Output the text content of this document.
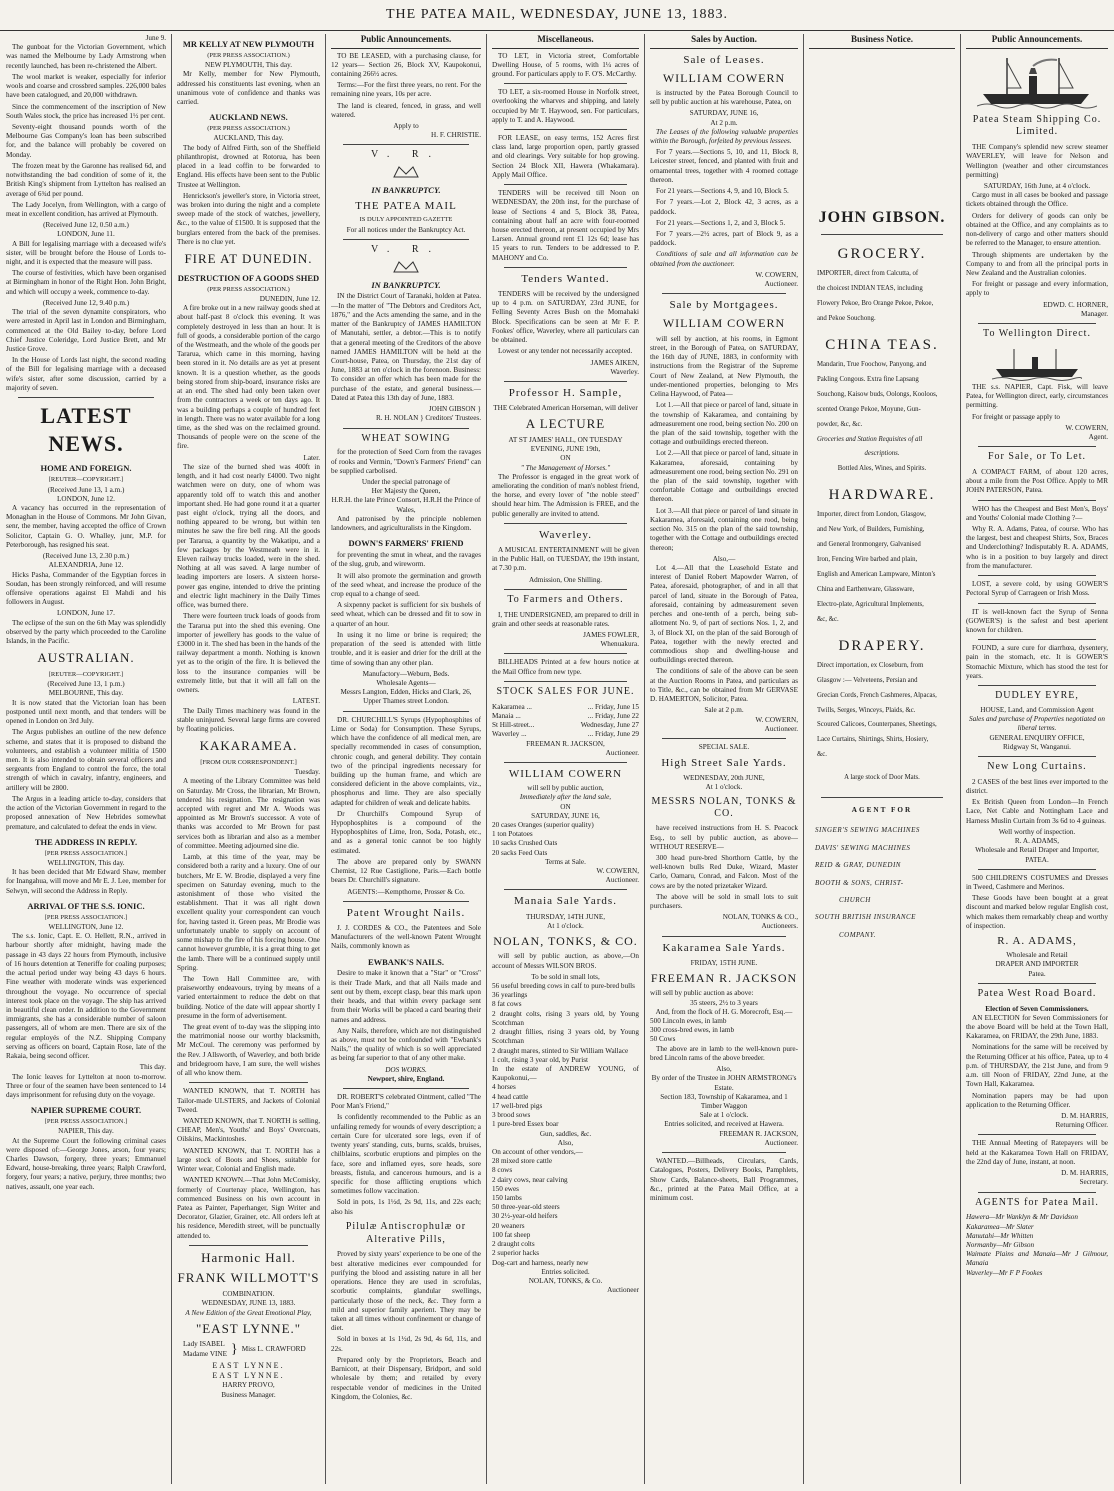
THE PATEA MAIL, WEDNESDAY, JUNE 13, 1883.
June 9.

The gunboat for the Victorian Government, which was named the Melbourne by Lady Armstrong when recently launched, has been re-christened the Albert.

The wool market is weaker, especially for inferior wools and coarse and crossbred samples. 226,000 bales have been catalogued, and 20,000 withdrawn.

Since the commencement of the inscription of New South Wales stock, the price has increased 1½ per cent.

Seventy-eight thousand pounds worth of the Melbourne Gas Company's loan has been subscribed for, and the balance will probably be covered on Monday.

The frozen meat by the Garonne has realised 6d, and notwithstanding the bad condition of some of it, the British King's shipment from Lyttelton has realised an average of 6¾d per pound.

The Lady Jocelyn, from Wellington, with a cargo of meat in excellent condition, has arrived at Plymouth.

(Received June 12, 0.50 a.m.)
LONDON, June 11.

A Bill for legalising marriage with a deceased wife's sister, will be brought before the House of Lords to-night, and it is expected that the measure will pass.

The course of festivities, which have been organised at Birmingham in honor of the Right Hon. John Bright, and which will occupy a week, commence to-day.

(Received June 12, 9.40 p.m.)

The trial of the seven dynamite conspirators, who were arrested in April last in London and Birmingham, commenced at the Old Bailey to-day, before Lord Chief Justice Coleridge, Lord Justice Brett, and Mr Justice Grove.

In the House of Lords last night, the second reading of the Bill for legalising marriage with a deceased wife's sister, after some discussion, carried by a majority of seven.

LATEST NEWS.
HOME AND FOREIGN.
[REUTER—COPYRIGHT.]
(Received June 13, 1 a.m.)
LONDON, June 12.

A vacancy has occurred in the representation of Monaghan in the House of Commons. Mr John Givan, senr, the member, having accepted the office of Crown Solicitor, Captain G. O. Whalley, junr, M.P. for Peterborough, has resigned his seat.

(Received June 13, 2.30 p.m.)
ALEXANDRIA, June 12.

Hicks Pasha, Commander of the Egyptian forces in Soudan, has been strongly reinforced, and will resume offensive operations against El Mahdi and his followers in August.

LONDON, June 17.

The eclipse of the sun on the 6th May was splendidly observed by the party which proceeded to the Caroline Islands, in the Pacific.

AUSTRALIAN.
[REUTER—COPYRIGHT.]
(Received June 13, 1 p.m.)
MELBOURNE, This day.

It is now stated that the Victorian loan has been postponed until next month, and that tenders will be opened in London on 3rd July.

The Argus publishes an outline of the new defence scheme, and states that it is proposed to disband the volunteers, and establish a volunteer militia of 1500 men. It is also intended to obtain several officers and sergeants from England to control the force, the total strength of which in cavalry, infantry, engineers, and artillery will be 2800.

The Argus in a leading article to-day, considers that the action of the Victorian Government in regard to the proposed annexation of New Hebrides somewhat premature, and calculated to defeat the ends in view.

THE ADDRESS IN REPLY.
[PER PRESS ASSOCIATION.]
WELLINGTON, This day.

It has been decided that Mr Edward Shaw, member for Inangahua, will move and Mr E. J. Lee, member for Selwyn, will second the Address in Reply.

ARRIVAL OF THE S.S. IONIC.
[PER PRESS ASSOCIATION.]
WELLINGTON, June 12.

The s.s. Ionic, Capt. E. O. Hellett, R.N., arrived in harbour shortly after midnight, having made the passage in 43 days 22 hours from Plymouth, inclusive of 16 hours detention at Teneriffe for coaling purposes; the actual period under way being 43 days 6 hours. Fine weather with moderate winds was experienced throughout the voyage. No occurrence of special interest took place on the voyage. The ship has arrived in beautiful clean order. In addition to the Government immigrants, she has a considerable number of saloon passengers, all of whom are men. There are six of the regular employés of the N.Z. Shipping Company serving as officers on board, Captain Rose, late of the Rakaia, being second officer.

This day.

The Ionic leaves for Lyttelton at noon to-morrow. Three or four of the seamen have been sentenced to 14 days imprisonment for refusing duty on the voyage.

NAPIER SUPREME COURT.
[PER PRESS ASSOCIATION.]
NAPIER, This day.

At the Supreme Court the following criminal cases were disposed of:—George Jones, arson, four years; Charles Dawson, forgery, three years; Emmanuel Edward, house-breaking, three years; Ralph Crawford, forgery, four years; a native, perjury, three months; two natives, assault, one year each.

MR KELLY AT NEW PLYMOUTH
(PER PRESS ASSOCIATION.)
NEW PLYMOUTH, This day.

Mr Kelly, member for New Plymouth, addressed his constituents last evening, when an unanimous vote of confidence and thanks was carried.

AUCKLAND NEWS.
(PER PRESS ASSOCIATION.)
AUCKLAND, This day.

The body of Alfred Firth, son of the Sheffield philanthropist, drowned at Rotorua, has been placed in a lead coffin to be forwarded to England. His effects have been sent to the Public Trustee at Wellington.

Henrickson's jeweller's store, in Victoria street, was broken into during the night and a complete sweep made of the stock of watches, jewellery, &c., to the value of £1500. It is supposed that the burglars entered from the back of the premises. There is no clue yet.

FIRE AT DUNEDIN.
DESTRUCTION OF A GOODS SHED
(PER PRESS ASSOCIATION.)
DUNEDIN, June 12.

A fire broke out in a new railway goods shed at about half-past 8 o'clock this evening. It was completely destroyed in less than an hour. It is full of goods, a considerable portion of the cargo of the Westmeath, and the whole of the goods per Tararua, which came in this morning, having been stored in it. No details are as yet at present known. It is a question whether, as the goods being stored from ship-board, insurance risks are at an end. The shed had only been taken over from the contractors a week or ten days ago. It was a building perhaps a couple of hundred feet in length. There was no water available for a long time, as the shed was on the reclaimed ground. Thousands of people were on the scene of the fire.

Later.

The size of the burned shed was 400ft in length, and it had cost nearly £4000. Two night watchmen were on duty, one of whom was apparently told off to watch this and another important shed. He had gone round it at a quarter past eight o'clock, trying all the doors, and nothing appeared to be wrong, but within ten minutes he saw the fire bell ring. All the goods per Tararua, a quantity by the Wakatipu, and a few packages by the Westmeath were in it. Eleven railway trucks loaded, were in the shed. Nothing at all was saved. A large number of leading importers are losers. A sixteen horse-power gas engine, intended to drive the printing and electric light machinery in the Daily Times office, was burned there.

There were fourteen truck loads of goods from the Tararua put into the shed this evening. One importer of jewellery has goods to the value of £3000 in it. The shed has been in the hands of the railway department a month. Nothing is known yet as to the origin of the fire. It is believed the loss to the insurance companies will be extremely little, but that it will all fall on the owners.

LATEST.

The Daily Times machinery was found in the stable uninjured. Several large firms are covered by floating policies.

KAKARAMEA.
[FROM OUR CORRESPONDENT.]
Tuesday.

A meeting of the Library Committee was held on Saturday. Mr Cross, the librarian, Mr Brown, tendered his resignation. The resignation was accepted with regret and Mr A. Woods was appointed as Mr Brown's successor. A vote of thanks was accorded to Mr Brown for past services both as librarian and also as a member of committee. Meeting adjourned sine die.

Lamb, at this time of the year, may be considered both a rarity and a luxury. One of our butchers, Mr E. W. Brodie, displayed a very fine specimen on Saturday evening, much to the astonishment of those who visited the establishment. That it was all right down excellent quality your correspondent can vouch for, having tasted it. Green peas, Mr Brodie was unfortunately unable to supply on account of some mishap to the fire of his forcing house. One cannot however grumble, it is a great thing to get the lamb. There will be a continued supply until Spring.

The Town Hall Committee are, with praiseworthy endeavours, trying by means of a varied entertainment to reduce the debt on that building. Notice of the date will appear shortly I presume in the form of advertisement.

The great event of to-day was the slipping into the matrimonial noose our worthy blacksmith, Mr McCoul. The ceremony was performed by the Rev. J Allsworth, of Waverley, and both bride and bridegroom have, I am sure, the well wishes of all who know them.

WANTED KNOWN, that T. NORTH has Tailor-made ULSTERS, and Jackets of Colonial Tweed.

WANTED KNOWN, that T. NORTH is selling, CHEAP, Men's, Youths' and Boys' Overcoats, Oilskins, Mackintoshes.

WANTED KNOWN, that T. NORTH has a large stock of Boots and Shoes, suitable for Winter wear, Colonial and English made.

WANTED KNOWN.—That John McComisky, formerly of Courtenay place, Wellington, has commenced Business on his own account in Patea as Painter, Paperhanger, Sign Writer and Decorator, Glazier, Grainer, etc. All orders left at his residence, Meredith street, will be punctually attended to.

Harmonic Hall.
FRANK WILLMOTT'S
COMBINATION.
WEDNESDAY, JUNE 13, 1883.
A New Edition of the Great Emotional Play,
"EAST LYNNE."
Lady ISABEL
Madame VINE } Miss L. CRAWFORD
EAST LYNNE.
EAST LYNNE.
HARRY PROVO,
Business Manager.
Public Announcements.

TO BE LEASED, with a purchasing clause, for 12 years— Section 26, Block XV, Kaupokonui, containing 266½ acres.

Terms:—For the first three years, no rent. For the remaining nine years, 10s per acre.

The land is cleared, fenced, in grass, and well watered.

Apply to
H. F. CHRISTIE.
V. R.
IN BANKRUPTCY.
THE PATEA MAIL
IS DULY APPOINTED GAZETTE
For all notices under the Bankruptcy Act.
V. R.
IN BANKRUPTCY.

IN the District Court of Taranaki, holden at Patea.—In the matter of "The Debtors and Creditors Act, 1876," and the Acts amending the same, and in the matter of the Bankruptcy of JAMES HAMILTON of Manutahi, settler, a debtor.—This is to notify that a general meeting of the Creditors of the above named JAMES HAMILTON will be held at the Court-house, Patea, on Thursday, the 21st day of June, 1883 at ten o'clock in the forenoon. Business: To consider an offer which has been made for the purchase of the estate, and general business.—Dated at Patea this 13th day of June, 1883.

JOHN GIBSON }
R. H. NOLAN } Creditors' Trustees.
WHEAT SOWING

for the protection of Seed Corn from the ravages of rooks and Vermin, "Down's Farmers' Friend" can be supplied carbolised.

Under the special patronage of
Her Majesty the Queen,
H.R.H. the late Prince Consort, H.R.H the Prince of Wales,

And patronised by the principle noblemen landowners, and agriculturalists in the Kingdom.

DOWN'S FARMERS' FRIEND

for preventing the smut in wheat, and the ravages of the slug, grub, and wireworm.

It will also promote the germination and growth of the seed wheat, and increase the produce of the crop equal to a change of seed.

A sixpenny packet is sufficient for six bushels of seed wheat, which can be dressed and fit to sow in a quarter of an hour.

In using it no lime or brine is required; the preparation of the seed is attended with little trouble, and it is easier and drier for the drill at the time of sowing than any other plan.

Manufactory—Weburn, Beds.
Wholesale Agents—
Messrs Langton, Edden, Hicks and Clark, 26, Upper Thames street London.

DR. CHURCHILL'S Syrups (Hypophosphites of Lime or Soda) for Consumption. These Syrups, which have the confidence of all medical men, are specially recommended in cases of consumption, chronic cough, and general debility. They contain two of the principal ingredients necessary for building up the human frame, and which are considered deficient in the above complaints, viz., phosphorus and lime. They are also specially adapted for children of weak and delicate habits.

Dr Churchill's Compound Syrup of Hypophosphites is a compound of the Hypophosphites of Lime, Iron, Soda, Potash, etc., and as a general tonic cannot be too highly estimated.

The above are prepared only by SWANN Chemist, 12 Rue Castiglione, Paris.—Each bottle bears Dr. Churchill's signature.

AGENTS:—Kempthorne, Prosser & Co.
Patent Wrought Nails.

J. J. CORDES & CO., the Patentees and Sole Manufacturers of the well-known Patent Wrought Nails, commonly known as

EWBANK'S NAILS.

Desire to make it known that a "Star" or "Cross" is their Trade Mark, and that all Nails made and sent out by them, except clasp, bear this mark upon their heads, and that within every package sent from their Works will be placed a card bearing their names and address.

Any Nails, therefore, which are not distinguished as above, must not be confounded with "Ewbank's Nails," the quality of which is so well appreciated as being far superior to that of any other make.

DOS WORKS.
Newport, shire, England.

DR. ROBERT'S celebrated Ointment, called "The Poor Man's Friend,"

Is confidently recommended to the Public as an unfailing remedy for wounds of every description; a certain Cure for ulcerated sore legs, even if of twenty years' standing, cuts, burns, scalds, bruises, chilblains, scorbutic eruptions and pimples on the face, sore and inflamed eyes, sore heads, sore breasts, fistula, and cancerous humours, and is a specific for those afflicting eruptions which sometimes follow vaccination.

Sold in pots, 1s 1½d, 2s 9d, 11s, and 22s each; also his

Pilulæ Antiscrophulæ or Alterative Pills,

Proved by sixty years' experience to be one of the best alterative medicines ever compounded for purifying the blood and assisting nature in all her operations. Hence they are used in scrofulas, scorbutic complaints, glandular swellings, particularly those of the neck, &c. They form a mild and superior family aperient. They may be taken at all times without confinement or change of diet.

Sold in boxes at 1s 1½d, 2s 9d, 4s 6d, 11s, and 22s.

Prepared only by the Proprietors, Beach and Barnicott, at their Dispensary, Bridport, and sold wholesale by them; and retailed by every respectable vendor of medicines in the United Kingdom, the Colonies, &c.

Miscellaneous.

TO LET, in Victoria street, Comfortable Dwelling House, of 5 rooms, with 1¼ acres of ground. For particulars apply to F. O'S. McCarthy.

TO LET, a six-roomed House in Norfolk street, overlooking the wharves and shipping, and lately occupied by Mr T. Haywood, sen. For particulars, apply to T. and A. Haywood.

FOR LEASE, on easy terms, 152 Acres first class land, large proportion open, partly grassed and old clearings. Very suitable for hop growing. Section 24 Block XII, Hawera (Whakamara). Apply Mail Office.

TENDERS will be received till Noon on WEDNESDAY, the 20th inst, for the purchase of lease of Sections 4 and 5, Block 38, Patea, containing about half an acre with four-roomed house erected thereon, at present occupied by Mrs Larsen. Annual ground rent £1 12s 6d; lease has 15 years to run. Tenders to be addressed to P. MAHONY and Co.

Tenders Wanted.

TENDERS will be received by the undersigned up to 4 p.m. on SATURDAY, 23rd JUNE, for Felling Seventy Acres Bush on the Momahaki Block. Specifications can be seen at Mr F. P. Fookes' office, Waverley, where all particulars can be obtained.

Lowest or any tender not necessarily accepted.

JAMES AIKEN,
Waverley.
Professor H. Sample,
THE Celebrated American Horseman, will deliver
A LECTURE
AT ST JAMES' HALL, ON TUESDAY EVENING, JUNE 19th,
ON
" The Management of Horses."

The Professor is engaged in the great work of ameliorating the condition of man's noblest friend, the horse, and every lover of "the noble steed" should hear him. The Admission is FREE, and the public generally are invited to attend.

Waverley.

A MUSICAL ENTERTAINMENT will be given in the Public Hall, on TUESDAY, the 19th instant, at 7.30 p.m.

Admission, One Shilling.
To Farmers and Others.

I, THE UNDERSIGNED, am prepared to drill in grain and other seeds at reasonable rates.

JAMES FOWLER,
Whenuakura.

BILLHEADS Printed at a few hours notice at the Mail Office from new type.

STOCK SALES FOR JUNE.
Kakaramea ...	... Friday, June 15
Manaia ...	... Friday, June 22
St Hill-street...	Wednesday, June 27
Waverley ...	... Friday, June 29
FREEMAN R. JACKSON,
Auctioneer.
WILLIAM COWERN
will sell by public auction,
Immediately after the land sale,
ON
SATURDAY, JUNE 16,
20 cases Oranges (superior quality)
1 ton Potatoes
10 sacks Crushed Oats
20 sacks Feed Oats
Terms at Sale.
W. COWERN,
Auctioneer.
Manaia Sale Yards.
THURSDAY, 14TH JUNE,
At 1 o'clock.
NOLAN, TONKS, & CO.

will sell by public auction, as above,—On account of Messrs WILSON BROS.

To be sold in small lots,
56 useful breeding cows in calf to pure-bred bulls
36 yearlings
8 fat cows
2 draught colts, rising 3 years old, by Young Scotchman
2 draught fillies, rising 3 years old, by Young Scotchman
2 draught mares, stinted to Sir William Wallace
1 colt, rising 3 year old, by Purist
In the estate of ANDREW YOUNG, of Kaupokonui,—
4 horses
4 head cattle
17 well-bred pigs
3 brood sows
1 pure-bred Essex boar
Gun, saddles, &c.
Also,
On account of other vendors,—
28 mixed store cattle
8 cows
2 dairy cows, near calving
150 ewes
150 lambs
50 three-year-old steers
30 2½-year-old heifers
20 weaners
100 fat sheep
2 draught colts
2 superior hacks
Dog-cart and harness, nearly new
Entries solicited.
NOLAN, TONKS, & Co.
Auctioneer
Sales by Auction.
Sale of Leases.
WILLIAM COWERN

is instructed by the Patea Borough Council to sell by public auction at his warehouse, Patea, on

SATURDAY, JUNE 16,
At 2 p.m.

The Leases of the following valuable properties within the Borough, forfeited by previous lessees.

For 7 years.—Sections 5, 10, and 11, Block 8, Leicester street, fenced, and planted with fruit and ornamental trees, together with 4 roomed cottage thereon.

For 21 years.—Sections 4, 9, and 10, Block 5.

For 7 years.—Lot 2, Block 42, 3 acres, as a paddock.

For 21 years.—Sections 1, 2, and 3, Block 5.

For 7 years.—2½ acres, part of Block 9, as a paddock.

Conditions of sale and all information can be obtained from the auctioneer.

W. COWERN,
Auctioneer.
Sale by Mortgagees.
WILLIAM COWERN

will sell by auction, at his rooms, in Egmont street, in the Borough of Patea, on SATURDAY, the 16th day of JUNE, 1883, in conformity with instructions from the Registrar of the Supreme Court of New Zealand, at New Plymouth, the under-mentioned properties, belonging to Mrs Celina Haywood, of Patea—

Lot 1.—All that piece or parcel of land, situate in the township of Kakaramea, and containing by admeasurement one rood, being section No. 200 on the plan of the said township, together with the cottage and outbuildings erected thereon.

Lot 2.—All that piece or parcel of land, situate in Kakaramea, aforesaid, containing by admeasurement one rood, being section No. 291 on the plan of the said township, together with comfortable Cottage and outbuildings erected thereon.

Lot 3.—All that piece or parcel of land situate in Kakaramea, aforesaid, containing one rood, being section No. 315 on the plan of the said township, together with the Cottage and outbuildings erected thereon;

Also,—

Lot 4.—All that the Leasehold Estate and interest of Daniel Robert Mapowder Warren, of Patea, aforesaid, photographer, of and in all that parcel of land, situate in the Borough of Patea, aforesaid, containing by admeasurement seven perches and one-tenth of a perch, being sub-allotment No. 9, of part of sections Nos. 1, 2, and 3, of Block XI, on the plan of the said Borough of Patea, together with the newly erected and commodious shop and dwelling-house and outbuildings erected thereon.

The conditions of sale of the above can be seen at the Auction Rooms in Patea, and particulars as to Title, &c., can be obtained from Mr GERVASE D. HAMERTON, Solicitor, Patea.

Sale at 2 p.m.
W. COWERN,
Auctioneer.
SPECIAL SALE.
High Street Sale Yards.
WEDNESDAY, 20th JUNE,
At 1 o'clock.
MESSRS NOLAN, TONKS & CO.

have received instructions from H. S. Peacock Esq., to sell by public auction, as above—WITHOUT RESERVE—

300 head pure-bred Shorthorn Cattle, by the well-known bulls Red Duke, Wizard, Master Carlo, Oamaru, Conrad, and Falcon. Most of the cows are by the noted prizetaker Wizard.

The above will be sold in small lots to suit purchasers.

NOLAN, TONKS & CO.,
Auctioneers.
Kakaramea Sale Yards.
FRIDAY, 15TH JUNE.
FREEMAN R. JACKSON
will sell by public auction as above:
35 steers, 2½ to 3 years
And, from the flock of H. G. Morecroft, Esq.—
500 Lincoln ewes, in lamb
300 cross-bred ewes, in lamb
50 Cows

The above are in lamb to the well-known pure-bred Lincoln rams of the above breeder.

Also,
By order of the Trustee in JOHN ARMSTRONG's Estate.
Section 183, Township of Kakaramea, and 1 Timber Waggon
Sale at 1 o'clock.
Entries solicited, and received at Hawera.
FREEMAN R. JACKSON,
Auctioneer.

WANTED.—Billheads, Circulars, Cards, Catalogues, Posters, Delivery Books, Pamphlets, Show Cards, Balance-sheets, Ball Programmes, &c., printed at the Patea Mail Office, at a minimum cost.

Business Notice.
JOHN GIBSON.
GROCERY.
IMPORTER, direct from Calcutta, of
the choicest INDIAN TEAS, including
Flowery Pekoe, Bro Orange Pekoe, Pekoe,
and Pekoe Souchong.
CHINA TEAS.
Mandarin, True Foochow, Panyong, and
Pakling Congous. Extra fine Lapsang
Souchong, Kaisow buds, Oolongs, Kooloos,
scented Orange Pekoe, Moyune, Gun-
powder, &c, &c.
Groceries and Station Requisites of all
descriptions.
Bottled Ales, Wines, and Spirits.
HARDWARE.
Importer, direct from London, Glasgow,
and New York, of Builders, Furnishing,
and General Ironmongery, Galvanised
Iron, Fencing Wire barbed and plain,
English and American Lampware, Minton's
China and Earthenware, Glassware,
Electro-plate, Agricultural Implements,
&c, &c.
DRAPERY.
Direct importation, ex Closeburn, from
Glasgow :— Velveteens, Persian and
Grecian Cords, French Cashmeres, Alpacas,
Twills, Serges, Winceys, Plaids, &c.
Scoured Calicoes, Counterpanes, Sheetings,
Lace Curtains, Shirtings, Shirts, Hosiery,
&c.
A large stock of Door Mats.
AGENT FOR
SINGER'S SEWING MACHINES
DAVIS' SEWING MACHINES
REID & GRAY, DUNEDIN
BOOTH & SONS, CHRIST-
CHURCH
SOUTH BRITISH INSURANCE
COMPANY.
Public Announcements.
Patea Steam Shipping Co. Limited.

THE Company's splendid new screw steamer WAVERLEY, will leave for Nelson and Wellington (weather and other circumstances permitting)

SATURDAY, 16th June, at 4 o'clock.

Cargo must in all cases be booked and passage tickets obtained through the Office.

Orders for delivery of goods can only be obtained at the Office, and any complaints as to non-delivery of cargo and other matters should be referred to the Manager, to ensure attention.

Through shipments are undertaken by the Company to and from all the principal ports in New Zealand and the Australian colonies.

For freight or passage and every information, apply to

EDWD. C. HORNER,
Manager.
To Wellington Direct.

THE s.s. NAPIER, Capt. Fisk, will leave Patea, for Wellington direct, early, circumstances permitting.

For freight or passage apply to

W. COWERN,
Agent.
For Sale, or To Let.

A COMPACT FARM, of about 120 acres, about a mile from the Post Office. Apply to MR JOHN PATERSON, Patea.

WHO has the Cheapest and Best Men's, Boys' and Youths' Colonial made Clothing ?—

Why R. A. Adams, Patea, of course. Who has the largest, best and cheapest Shirts, Sox, Braces and Underclothing? Indisputably R. A. ADAMS, who is in a position to buy largely and direct from the manufacturer.

LOST, a severe cold, by using GOWER'S Pectoral Syrup of Carrageen or Irish Moss.

IT is well-known fact the Syrup of Senna (GOWER'S) is the safest and best aperient known for children.

FOUND, a sure cure for diarrhœa, dysentery, pain in the stomach, etc. It is GOWER'S Stomachic Mixture, which has stood the test for years.

DUDLEY EYRE,
HOUSE, Land, and Commission Agent
Sales and purchase of Properties negotiated on liberal terms.
GENERAL ENQUIRY OFFICE,
Ridgway St, Wanganui.
New Long Curtains.

2 CASES of the best lines ever imported to the district.

Ex British Queen from London—In French Lace, Net Cable and Nottingham Lace and Harness Muslin Curtain from 3s 6d to 4 guineas.

Well worthy of inspection.
R. A. ADAMS,
Wholesale and Retail Draper and Importer, PATEA.

500 CHILDREN'S COSTUMES and Dresses in Tweed, Cashmere and Merinos.

These Goods have been bought at a great discount and marked below regular English cost, which makes them remarkably cheap and worthy of inspection.

R. A. ADAMS,
Wholesale and Retail
DRAPER AND IMPORTER
Patea.
Patea West Road Board.
Election of Seven Commissioners.

AN ELECTION for Seven Commissioners for the above Board will be held at the Town Hall, Kakaramea, on FRIDAY, the 29th June, 1883.

Nominations for the same will be received by the Returning Officer at his office, Patea, up to 4 p.m. of THURSDAY, the 21st June, and from 9 a.m. till Noon of FRIDAY, 22nd June, at the Town Hall, Kakaramea.

Nomination papers may be had upon application to the Returning Officer.

D. M. HARRIS,
Returning Officer.

THE Annual Meeting of Ratepayers will be held at the Kakaramea Town Hall on FRIDAY, the 22nd day of June, instant, at noon.

D. M. HARRIS,
Secretary.
AGENTS for Patea Mail.
Hawera—Mr Wanklyn & Mr Davidson
Kakaramea—Mr Slater
Manutahi—Mr Whitten
Normanby—Mr Gibson
Waimate Plains and Manaia—Mr J Gilmour, Manaia
Waverley—Mr F P Fookes
